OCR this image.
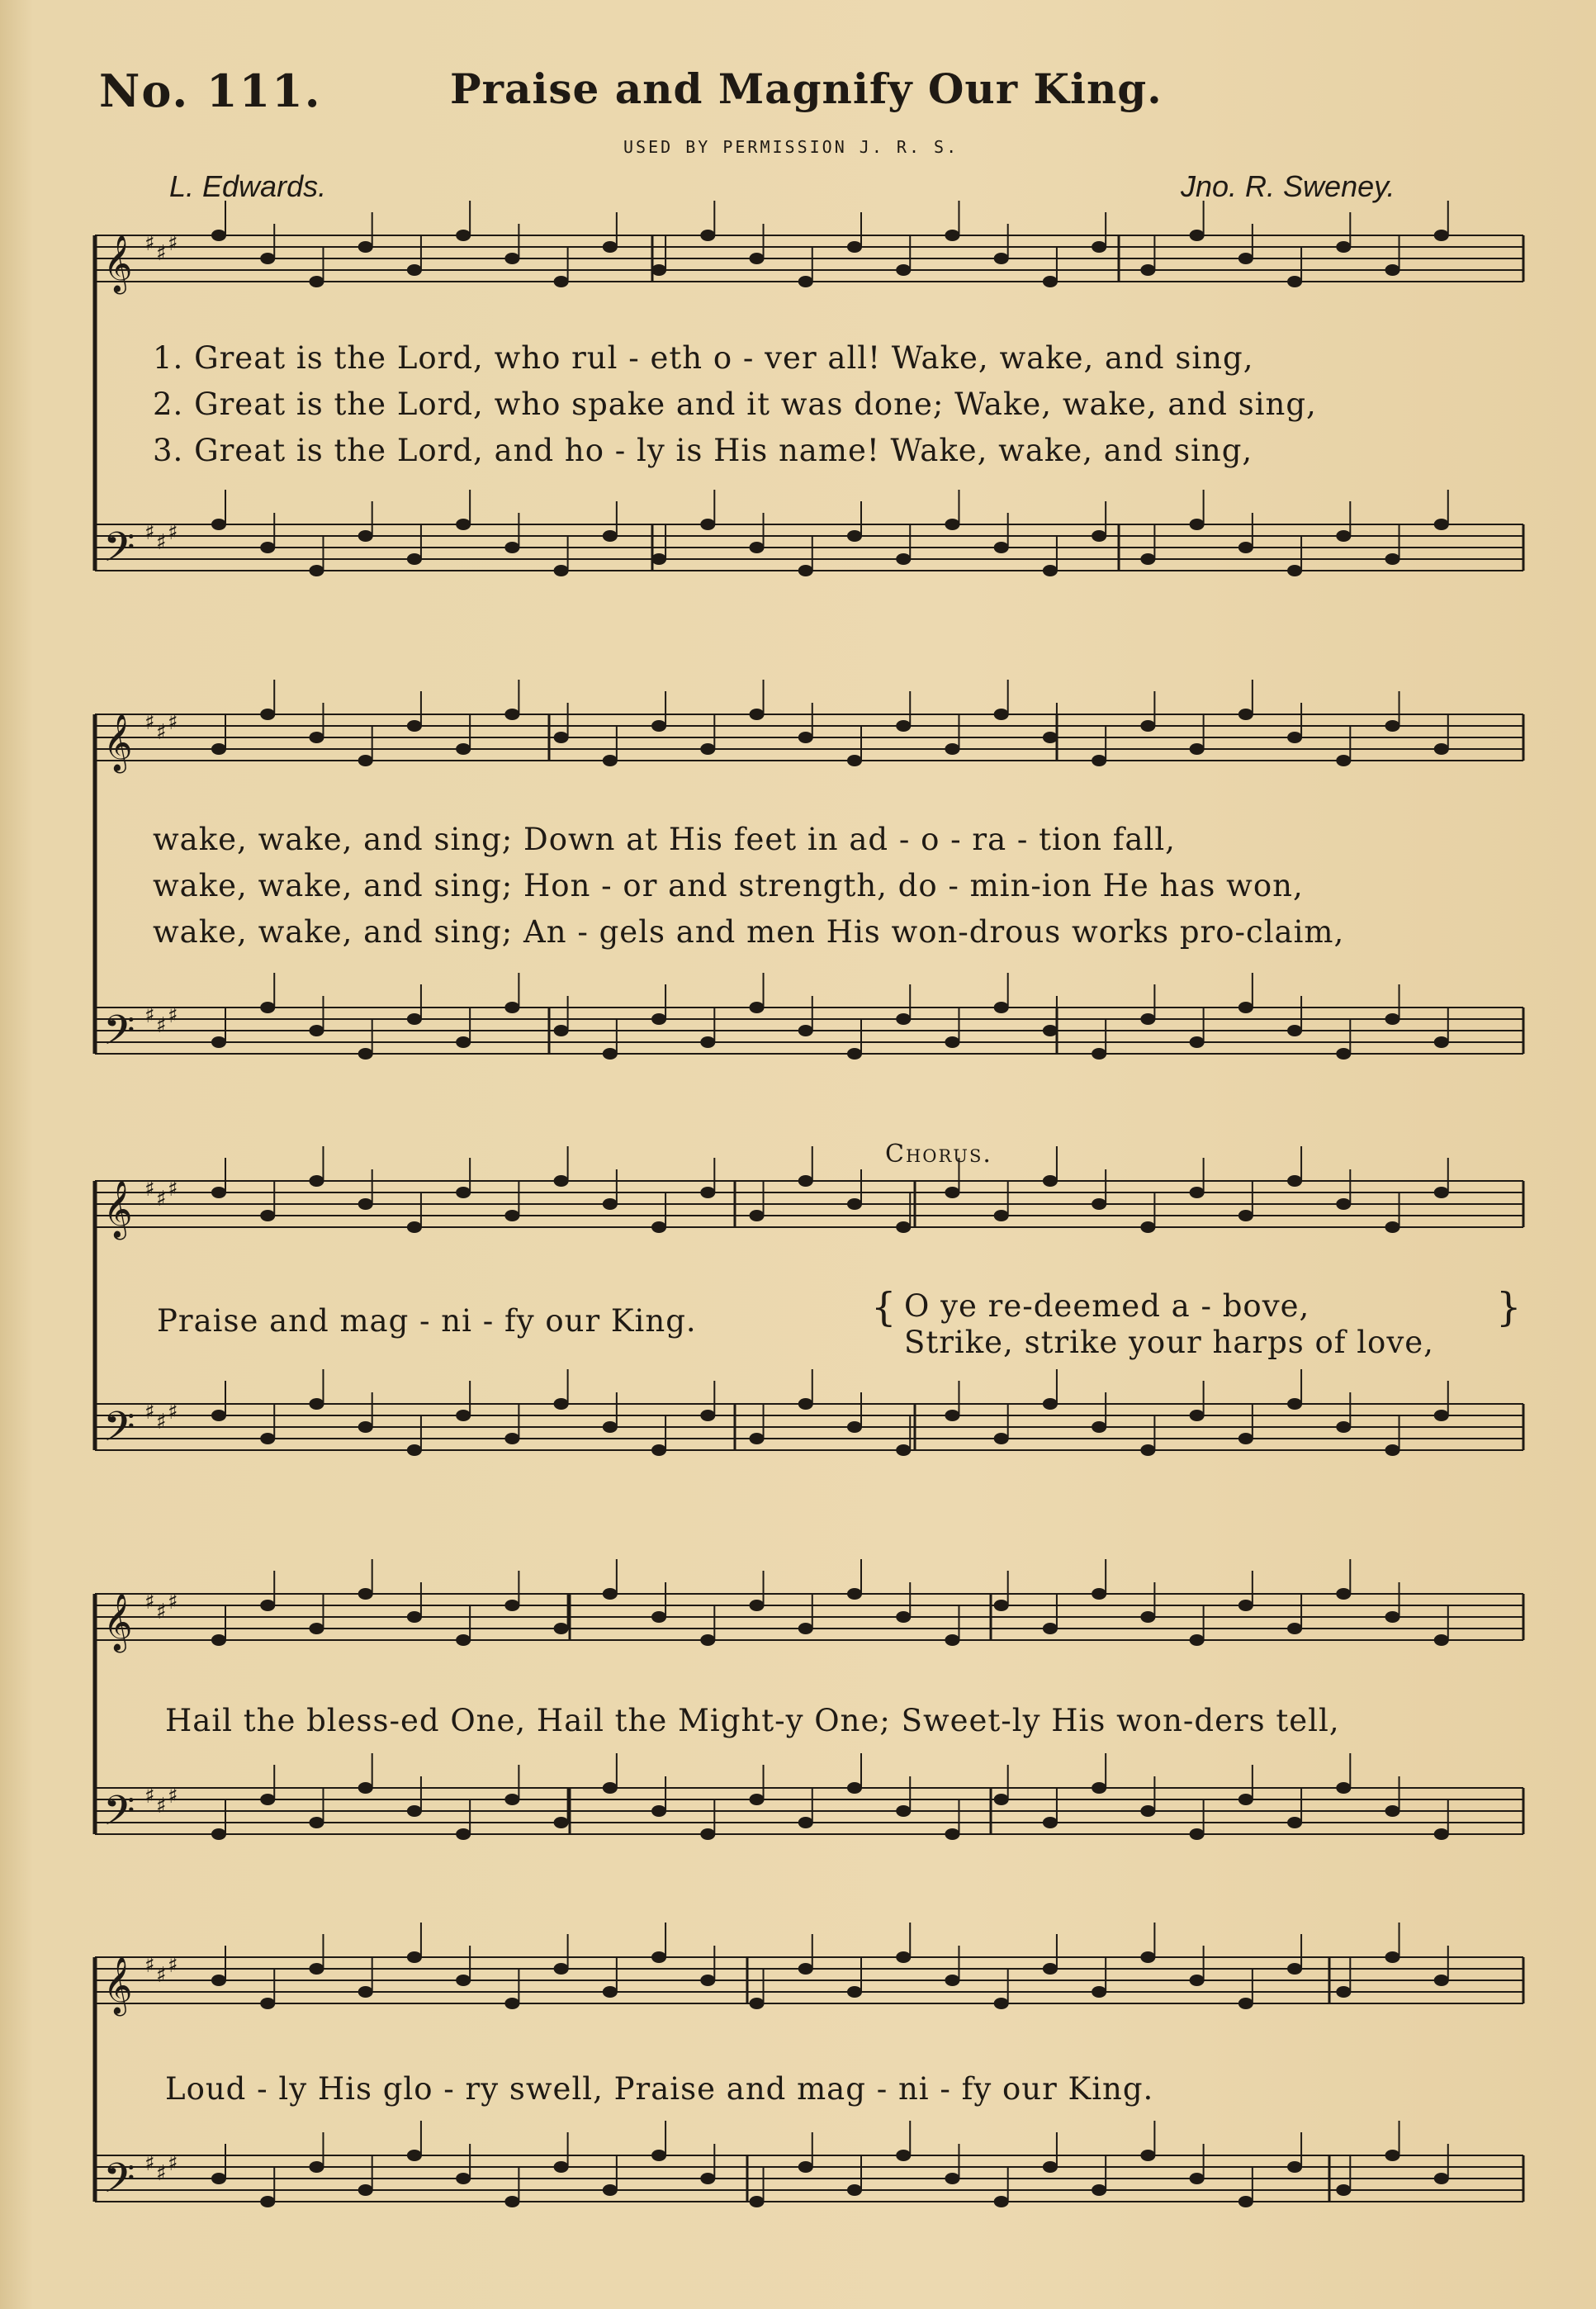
No. 111.	Praise and Magnify Our King.
USED BY PERMISSION J. R. S.
L. Edwards.	Jno. R. Sweney.
𝄞 ♯ ♯ ♯
𝄢 ♯ ♯ ♯
𝄞 ♯ ♯ ♯
𝄢 ♯ ♯ ♯
𝄞 ♯ ♯ ♯
𝄢 ♯ ♯ ♯
𝄞 ♯ ♯ ♯
𝄢 ♯ ♯ ♯
𝄞 ♯ ♯ ♯
𝄢 ♯ ♯ ♯
1. Great is the Lord, who rul - eth o - ver all! Wake, wake, and sing,
2. Great is the Lord, who spake and it was done; Wake, wake, and sing,
3. Great is the Lord, and ho - ly is His name! Wake, wake, and sing,
wake, wake, and sing; Down at His feet in ad - o - ra - tion fall,
wake, wake, and sing; Hon - or and strength, do - min-ion He has won,
wake, wake, and sing; An - gels and men His won-drous works pro-claim,
Chorus.
Praise and mag - ni - fy our King.	{ O ye re-deemed a - bove,
Strike, strike your harps of love,
}
Hail the bless-ed One, Hail the Might-y One; Sweet-ly His won-ders tell,
Loud - ly His glo - ry swell, Praise and mag - ni - fy our King.
